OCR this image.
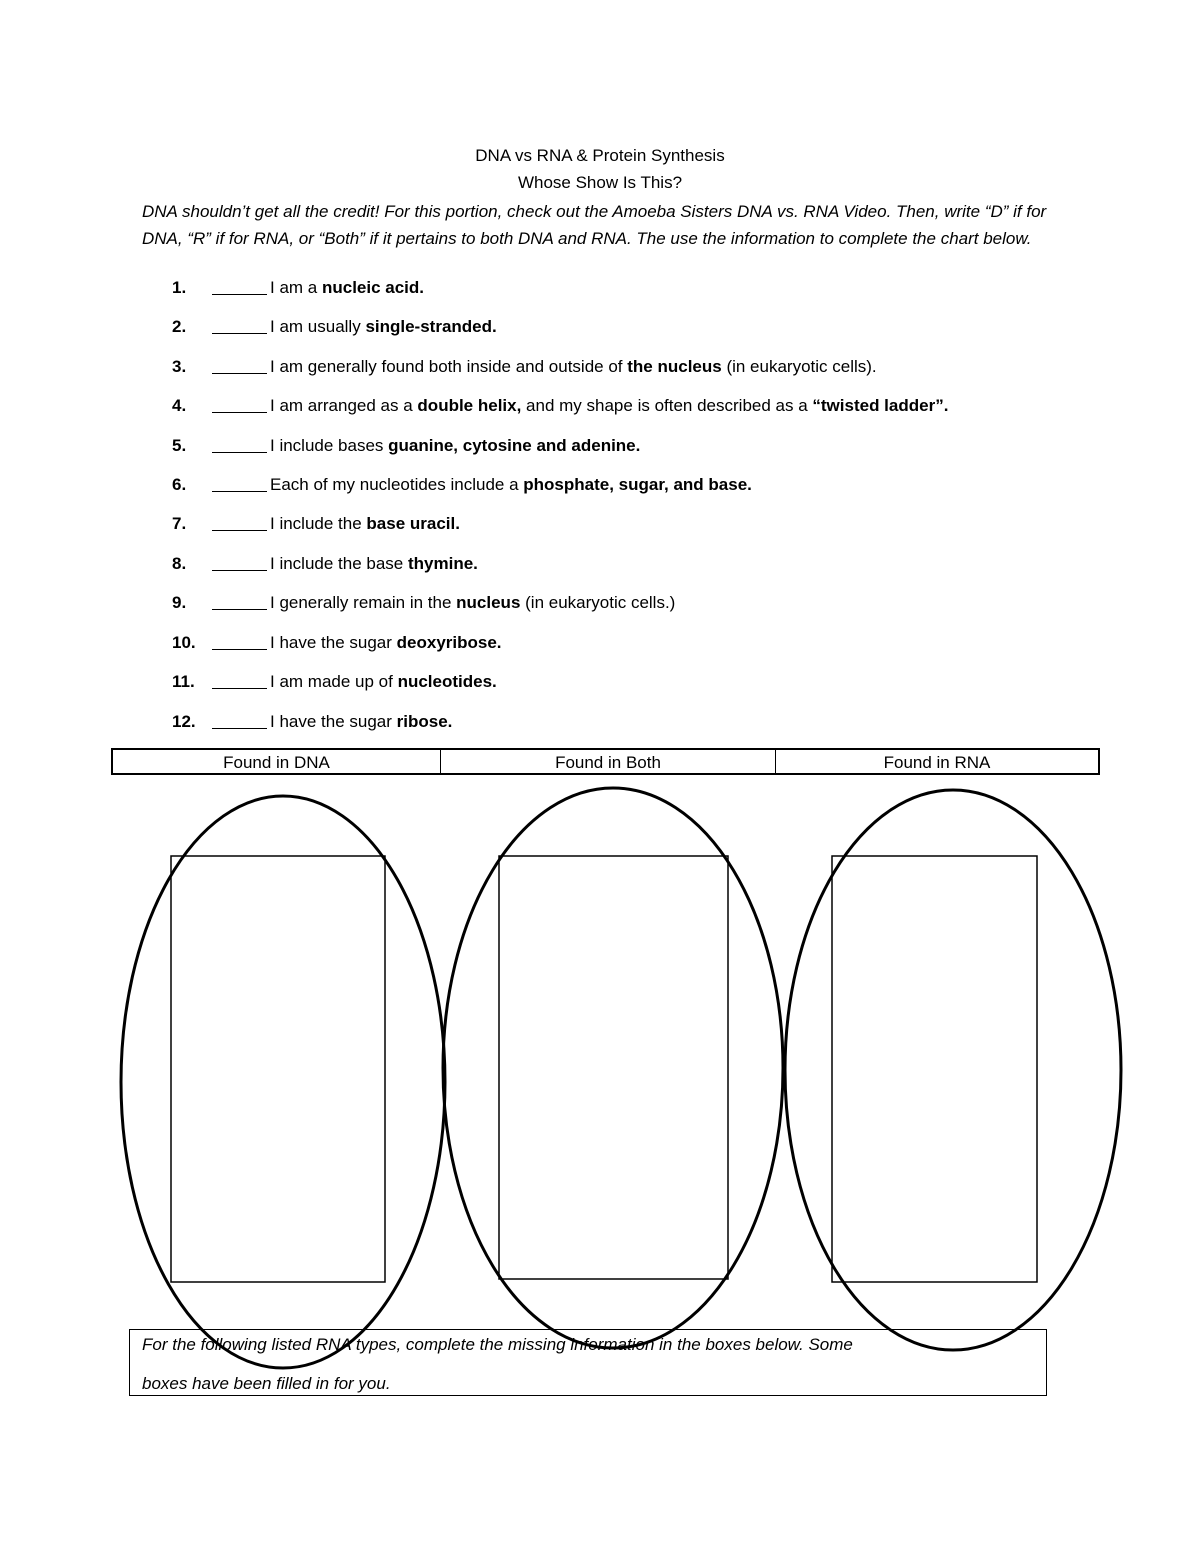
DNA vs RNA & Protein Synthesis
Whose Show Is This?
DNA shouldn’t get all the credit! For this portion, check out the Amoeba Sisters DNA vs. RNA Video. Then, write “D” if for DNA, “R” if for RNA, or “Both” if it pertains to both DNA and RNA. The use the information to complete the chart below.
1.	I am a nucleic acid.
2.	I am usually single-stranded.
3.	I am generally found both inside and outside of the nucleus (in eukaryotic cells).
4.	I am arranged as a double helix, and my shape is often described as a “twisted ladder”.
5.	I include bases guanine, cytosine and adenine.
6.	Each of my nucleotides include a phosphate, sugar, and base.
7.	I include the base uracil.
8.	I include the base thymine.
9.	I generally remain in the nucleus (in eukaryotic cells.)
10.	I have the sugar deoxyribose.
11.	I am made up of nucleotides.
12.	I have the sugar ribose.
Found in DNA	Found in Both	Found in RNA
For the following listed RNA types, complete the missing information in the boxes below. Some
boxes have been filled in for you.
